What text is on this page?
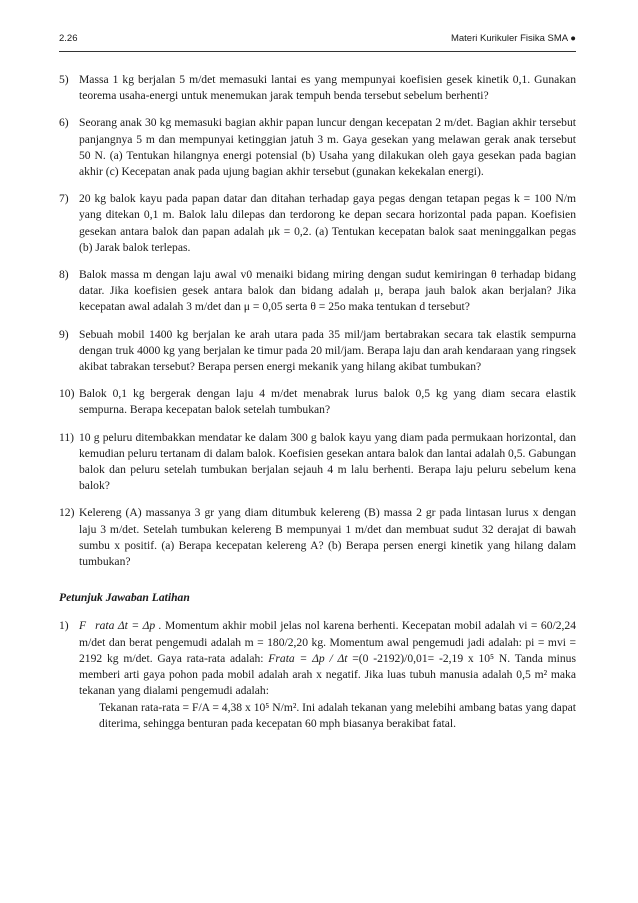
2.26	Materi Kurikuler Fisika SMA ●
5) Massa 1 kg berjalan 5 m/det memasuki lantai es yang mempunyai koefisien gesek kinetik 0,1. Gunakan teorema usaha-energi untuk menemukan jarak tempuh benda tersebut sebelum berhenti?
6) Seorang anak 30 kg memasuki bagian akhir papan luncur dengan kecepatan 2 m/det. Bagian akhir tersebut panjangnya 5 m dan mempunyai ketinggian jatuh 3 m. Gaya gesekan yang melawan gerak anak tersebut 50 N. (a) Tentukan hilangnya energi potensial (b) Usaha yang dilakukan oleh gaya gesekan pada bagian akhir (c) Kecepatan anak pada ujung bagian akhir tersebut (gunakan kekekalan energi).
7) 20 kg balok kayu pada papan datar dan ditahan terhadap gaya pegas dengan tetapan pegas k = 100 N/m yang ditekan 0,1 m. Balok lalu dilepas dan terdorong ke depan secara horizontal pada papan. Koefisien gesekan antara balok dan papan adalah μk = 0,2. (a) Tentukan kecepatan balok saat meninggalkan pegas (b) Jarak balok terlepas.
8) Balok massa m dengan laju awal v0 menaiki bidang miring dengan sudut kemiringan θ terhadap bidang datar. Jika koefisien gesek antara balok dan bidang adalah μ, berapa jauh balok akan berjalan? Jika kecepatan awal adalah 3 m/det dan μ = 0,05 serta θ = 25o maka tentukan d tersebut?
9) Sebuah mobil 1400 kg berjalan ke arah utara pada 35 mil/jam bertabrakan secara tak elastik sempurna dengan truk 4000 kg yang berjalan ke timur pada 20 mil/jam. Berapa laju dan arah kendaraan yang ringsek akibat tabrakan tersebut? Berapa persen energi mekanik yang hilang akibat tumbukan?
10) Balok 0,1 kg bergerak dengan laju 4 m/det menabrak lurus balok 0,5 kg yang diam secara elastik sempurna. Berapa kecepatan balok setelah tumbukan?
11) 10 g peluru ditembakkan mendatar ke dalam 300 g balok kayu yang diam pada permukaan horizontal, dan kemudian peluru tertanam di dalam balok. Koefisien gesekan antara balok dan lantai adalah 0,5. Gabungan balok dan peluru setelah tumbukan berjalan sejauh 4 m lalu berhenti. Berapa laju peluru sebelum kena balok?
12) Kelereng (A) massanya 3 gr yang diam ditumbuk kelereng (B) massa 2 gr pada lintasan lurus x dengan laju 3 m/det. Setelah tumbukan kelereng B mempunyai 1 m/det dan membuat sudut 32 derajat di bawah sumbu x positif. (a) Berapa kecepatan kelereng A? (b) Berapa persen energi kinetik yang hilang dalam tumbukan?
Petunjuk Jawaban Latihan
1) F⃗rata Δt = Δp . Momentum akhir mobil jelas nol karena berhenti. Kecepatan mobil adalah vi = 60/2,24 m/det dan berat pengemudi adalah m = 180/2,20 kg. Momentum awal pengemudi jadi adalah: pi = mvi = 2192 kg m/det. Gaya rata-rata adalah: Frata = Δp / Δt =(0 -2192)/0,01= -2,19 x 10⁵ N. Tanda minus memberi arti gaya pohon pada mobil adalah arah x negatif. Jika luas tubuh manusia adalah 0,5 m² maka tekanan yang dialami pengemudi adalah:
Tekanan rata-rata = F/A = 4,38 x 10⁵ N/m². Ini adalah tekanan yang melebihi ambang batas yang dapat diterima, sehingga benturan pada kecepatan 60 mph biasanya berakibat fatal.
